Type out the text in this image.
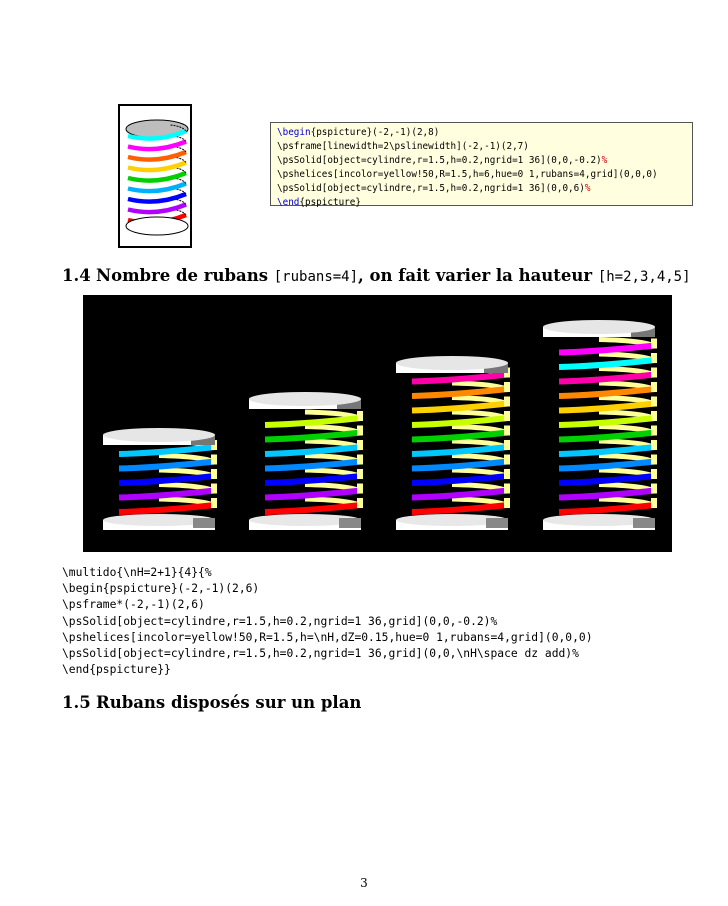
\begin{pspicture}(-2,-1)(2,8)
\psframe[linewidth=2\pslinewidth](-2,-1)(2,7)
\psSolid[object=cylindre,r=1.5,h=0.2,ngrid=1 36](0,0,-0.2)%
\pshelices[incolor=yellow!50,R=1.5,h=6,hue=0 1,rubans=4,grid](0,0,0)
\psSolid[object=cylindre,r=1.5,h=0.2,ngrid=1 36](0,0,6)%
\end{pspicture}
1.4 Nombre de rubans [rubans=4], on fait varier la hauteur [h=2,3,4,5]
\multido{\nH=2+1}{4}{%
\begin{pspicture}(-2,-1)(2,6)
\psframe*(-2,-1)(2,6)
\psSolid[object=cylindre,r=1.5,h=0.2,ngrid=1 36,grid](0,0,-0.2)%
\pshelices[incolor=yellow!50,R=1.5,h=\nH,dZ=0.15,hue=0 1,rubans=4,grid](0,0,0)
\psSolid[object=cylindre,r=1.5,h=0.2,ngrid=1 36,grid](0,0,\nH\space dz add)%
\end{pspicture}}
1.5 Rubans disposés sur un plan
3
